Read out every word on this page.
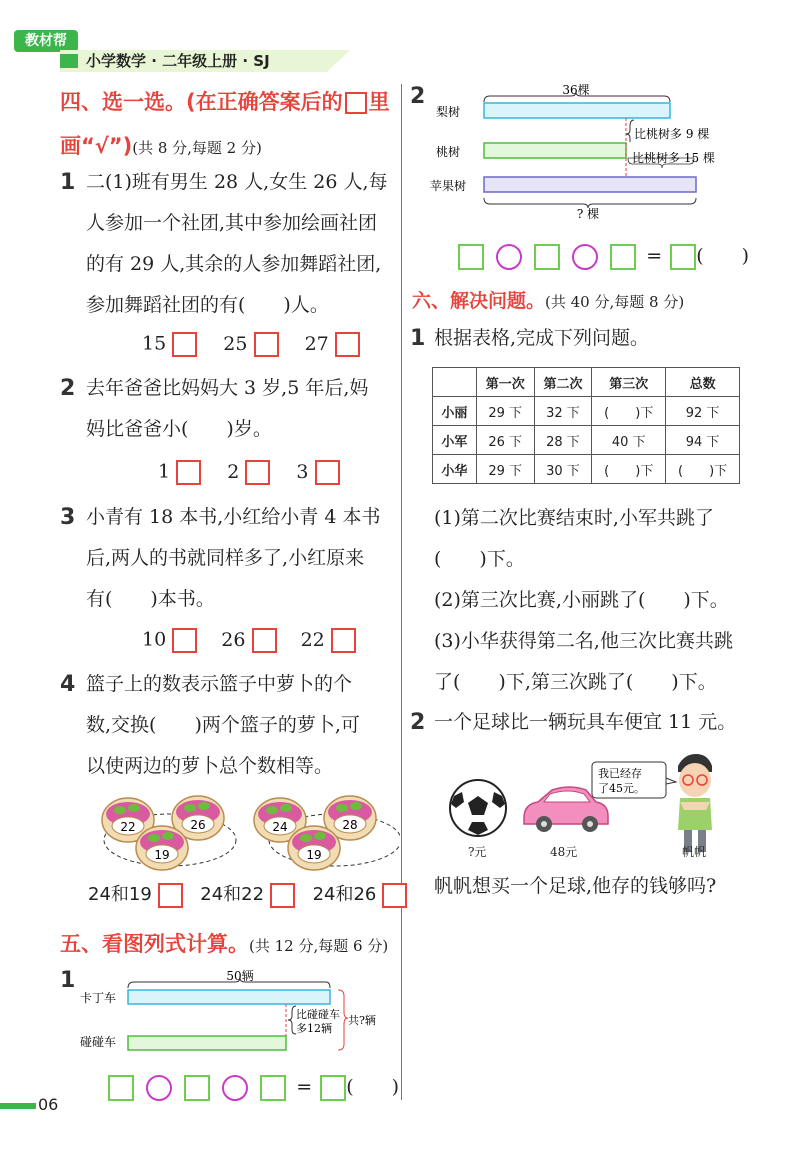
教材帮
小学数学 · 二年级上册 · SJ
四、选一选。(在正确答案后的 里
画“√”)(共 8 分,每题 2 分)
1 二(1)班有男生 28 人,女生 26 人,每
人参加一个社团,其中参加绘画社团
的有 29 人,其余的人参加舞蹈社团,
参加舞蹈社团的有(　　)人。
15	25	27
2 去年爸爸比妈妈大 3 岁,5 年后,妈
妈比爸爸小(　　)岁。
1	2	3
3 小青有 18 本书,小红给小青 4 本书
后,两人的书就同样多了,小红原来
有(　　)本书。
10	26	22
4 篮子上的数表示篮子中萝卜的个
数,交换(　　)两个篮子的萝卜,可
以使两边的萝卜总个数相等。
22	26
19
24	28
19
24和19	24和22	24和26
五、看图列式计算。(共 12 分,每题 6 分)
1	50辆
卡丁车
碰碰车
比碰碰车
多12辆
共?辆
= (　　)
2	36棵
梨树
桃树
苹果树
比桃树多 9 棵
比桃树多 15 棵
? 棵
= (　　)
六、解决问题。(共 40 分,每题 8 分)
1 根据表格,完成下列问题。
	第一次	第二次	第三次	总数
小丽	29 下	32 下	(　　)下	92 下
小军	26 下	28 下	40 下	94 下
小华	29 下	30 下	(　　)下	(　　)下
(1)第二次比赛结束时,小军共跳了
(　　)下。
(2)第三次比赛,小丽跳了(　　)下。
(3)小华获得第二名,他三次比赛共跳
了(　　)下,第三次跳了(　　)下。
2 一个足球比一辆玩具车便宜 11 元。
我已经存
了45元。
?元	48元	帆帆
帆帆想买一个足球,他存的钱够吗?
06
